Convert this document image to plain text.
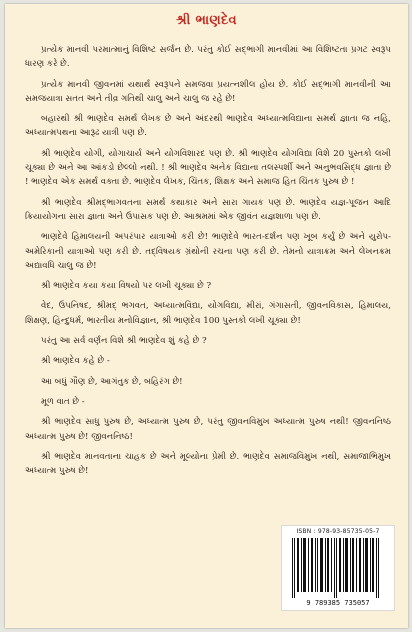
શ્રી ભાણદેવ

પ્રત્યેક માનવી પરમાત્માનું વિશિષ્ટ સર્જન છે. પરંતુ કોઈ સદ્‌ભાગી માનવીમાં આ વિશિષ્ટતા પ્રગટ સ્વરૂપ ધારણ કરે છે.

પ્રત્યેક માનવી જીવનમાં યથાર્થ સ્વરૂપને સમજવા પ્રયત્નશીલ હોય છે. કોઈ સદ્‌ભાગી માનવીની આ સમજયાત્રા સતત અને તીવ્ર ગતિથી ચાલુ અને ચાલુ જ રહે છે!

બહારથી શ્રી ભાણદેવ સમર્થ લેખક છે અને અંદરથી ભાણદેવ અધ્યાત્મવિદ્યાના સમર્થ જ્ઞાતા જ નહિ, અધ્યાત્મપથના આરૂઢ યાત્રી પણ છે.

શ્રી ભાણદેવ યોગી, યોગાચાર્ય અને યોગવિશારદ પણ છે. શ્રી ભાણદેવ યોગવિદ્યા વિશે 20 પુસ્તકો લખી ચૂક્યા છે અને આ આંકડો છેલ્લો નથી. ! શ્રી ભાણદેવ અનેક વિદ્યાના તલસ્પર્શી અને અનુભવસિદ્ધ જ્ઞાતા છે ! ભાણદેવ એક સમર્થ વક્તા છે. ભાણદેવ લેખક, ચિંતક, શિક્ષક અને સમાજ હિત ચિંતક પુરુષ છે !

શ્રી ભાણદેવ શ્રીમદ્‌ભાગવતના સમર્થ કથાકાર અને સારા ગાયક પણ છે. ભાણદેવ યજ્ઞ-પૂજન આદિ ક્રિયાયોગના સારા જ્ઞાતા અને ઉપાસક પણ છે. આશ્રમમાં એક જીવંત યજ્ઞશાળા પણ છે.

ભાણદેવે હિમાલયની અપરંપાર યાત્રાઓ કરી છે! ભાણદેવે ભારત-દર્શન પણ ખૂબ કર્યું છે અને યુરોપ-અમેરિકાની યાત્રાઓ પણ કરી છે. તદ્‌વિષયક ગ્રંથોની રચના પણ કરી છે. તેમનો યાત્રાક્રમ અને લેખનક્રમ અદ્યાવધિ ચાલુ જ છે!

શ્રી ભાણદેવ કયા કયા વિષયો પર લખી ચૂક્યા છે ?

વેદ, ઉપનિષદ, શ્રીમદ્ ભગવત, અધ્યાત્મવિદ્યા, યોગવિદ્યા, મીરાં, ગંગાસતી, જીવનવિકાસ, હિમાલય, શિક્ષણ, હિન્દુધર્મ, ભારતીય મનોવિજ્ઞાન, શ્રી ભાણદેવ 100 પુસ્તકો લખી ચૂક્યા છે!

પરંતુ આ સર્વ વર્ણન વિશે શ્રી ભાણદેવ શું કહે છે ?

શ્રી ભાણદેવ કહે છે -

આ બધું ગૌણ છે, આગંતુક છે, બહિરંગ છે!

મૂળ વાત છે -

શ્રી ભાણદેવ સાધુ પુરુષ છે, અધ્યાત્મ પુરુષ છે, પરંતુ જીવનવિમુખ અધ્યાત્મ પુરુષ નથી! જીવનનિષ્ઠ અધ્યાત્મ પુરુષ છે! જીવનનિષ્ઠ!

શ્રી ભાણદેવ માનવતાના ચાહક છે અને મૂલ્યોના પ્રેમી છે. ભાણદેવ સમાજવિમુખ નથી, સમાજાભિમુખ અધ્યાત્મ પુરુષ છે!

ISBN : 978-93-85735-05-7
9 789385 735057
